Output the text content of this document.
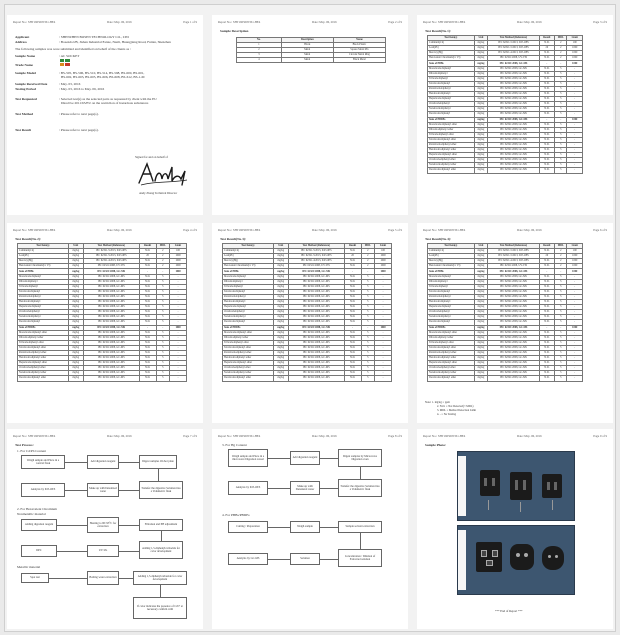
Report No.: SHT16050053S1-HE4	Date: May. 06, 2016	Page 1 of 9
Applicant	: SHENZHEN BOSEN TECHNOLOGY CO., LTD
Address	: Bosenda I/B, Jishan Industrial Estate, Nanli, Huangjiang Road, Futian, Shenzhen
The following samples was were submitted and identified on behalf of the clients as :
Sample Name	: AC SOCKET
Trade Name
Sample Model	: BS-505, BS-506, BS-510, BS-514, BS-598, BS-600, BS-601,
BS-602, BS-603, BS-605, BS-606, BS-608, BS-612, BS-1-M
Sample Received Date	: May. 03, 2016
Testing Period	: May. 03, 2016 to May. 06, 2016
Test Requested	: Selected test(s) as the selected parts as requested by client with the EU
Directive 2011/65/EU on the restriction of hazardous substances
Test Method	: Please refer to next page(s).
Test Result	: Please refer to next page(s).
Signed for and on behalf of
Andy Zhang Technical Director
Report No.: SHT16050053S1-HE4	Date: May. 06, 2016	Page 2 of 9
Sample Description
No.	Description	Name
1	Black	Black Plastic
2	Metal	Square Metal Pin
3	Metal	Circular Metal Ring
4	Metal	Black Metal
Report No.: SHT16050053S1-HE4	Date: May. 06, 2016	Page 3 of 9
Test Result(No.1):
Test Item(s)	Unit	Test Method (Reference)	Result	MDL	Limit
Cadmium(Cd)	mg/kg	IEC 62321-5:2013, ICP-OES	N.D.	2	100
Lead(Pb)	mg/kg	IEC 62321-5:2013, ICP-OES	20	2	1000
Mercury(Hg)	mg/kg	IEC 62321-4:2013, ICP-OES	N.D.	2	1000
Hexavalent Chromium(Cr VI)	mg/kg	IEC 62321:2008, UV-VIS	N.D.	2	1000
Sum of PBBs	mg/kg	IEC 62321:2008, GC-MS	-	-	1000
Monobromobiphenyl	mg/kg	IEC 62321:2008, GC-MS	N.D.	5	-
Dibromobiphenyl	mg/kg	IEC 62321:2008, GC-MS	N.D.	5	-
Tribromobiphenyl	mg/kg	IEC 62321:2008, GC-MS	N.D.	5	-
Tetrabromobiphenyl	mg/kg	IEC 62321:2008, GC-MS	N.D.	5	-
Pentabromobiphenyl	mg/kg	IEC 62321:2008, GC-MS	N.D.	5	-
Hexabromobiphenyl	mg/kg	IEC 62321:2008, GC-MS	N.D.	5	-
Heptabromobiphenyl	mg/kg	IEC 62321:2008, GC-MS	N.D.	5	-
Octabromobiphenyl	mg/kg	IEC 62321:2008, GC-MS	N.D.	5	-
Nonabromobiphenyl	mg/kg	IEC 62321:2008, GC-MS	N.D.	5	-
Decabromobiphenyl	mg/kg	IEC 62321:2008, GC-MS	N.D.	5	-
Sum of PBDEs	mg/kg	IEC 62321:2008, GC-MS	-	-	1000
Monobromodiphenyl ether	mg/kg	IEC 62321:2008, GC-MS	N.D.	5	-
Dibromodiphenyl ether	mg/kg	IEC 62321:2008, GC-MS	N.D.	5	-
Tribromodiphenyl ether	mg/kg	IEC 62321:2008, GC-MS	N.D.	5	-
Tetrabromodiphenyl ether	mg/kg	IEC 62321:2008, GC-MS	N.D.	5	-
Pentabromodiphenyl ether	mg/kg	IEC 62321:2008, GC-MS	N.D.	5	-
Hexabromodiphenyl ether	mg/kg	IEC 62321:2008, GC-MS	N.D.	5	-
Heptabromodiphenyl ether	mg/kg	IEC 62321:2008, GC-MS	N.D.	5	-
Octabromodiphenyl ether	mg/kg	IEC 62321:2008, GC-MS	N.D.	5	-
Nonabromodiphenyl ether	mg/kg	IEC 62321:2008, GC-MS	N.D.	5	-
Decabromodiphenyl ether	mg/kg	IEC 62321:2008, GC-MS	N.D.	5	-
Report No.: SHT16050053S1-HE4	Date: May. 06, 2016	Page 4 of 9
Test Result(No.2):
Test Item(s)	Unit	Test Method (Reference)	Result	MDL	Limit
Cadmium(Cd)	mg/kg	IEC 62321-5:2013, ICP-OES	N.D.	2	100
Lead(Pb)	mg/kg	IEC 62321-5:2013, ICP-OES	20	2	1000
Mercury(Hg)	mg/kg	IEC 62321-4:2013, ICP-OES	N.D.	2	1000
Hexavalent Chromium(Cr VI)	mg/kg	IEC 62321:2008, UV-VIS	N.D.	2	1000
Sum of PBBs	mg/kg	IEC 62321:2008, GC-MS	-	-	1000
Monobromobiphenyl	mg/kg	IEC 62321:2008, GC-MS	N.D.	5	-
Dibromobiphenyl	mg/kg	IEC 62321:2008, GC-MS	N.D.	5	-
Tribromobiphenyl	mg/kg	IEC 62321:2008, GC-MS	N.D.	5	-
Tetrabromobiphenyl	mg/kg	IEC 62321:2008, GC-MS	N.D.	5	-
Pentabromobiphenyl	mg/kg	IEC 62321:2008, GC-MS	N.D.	5	-
Hexabromobiphenyl	mg/kg	IEC 62321:2008, GC-MS	N.D.	5	-
Heptabromobiphenyl	mg/kg	IEC 62321:2008, GC-MS	N.D.	5	-
Octabromobiphenyl	mg/kg	IEC 62321:2008, GC-MS	N.D.	5	-
Nonabromobiphenyl	mg/kg	IEC 62321:2008, GC-MS	N.D.	5	-
Decabromobiphenyl	mg/kg	IEC 62321:2008, GC-MS	N.D.	5	-
Sum of PBDEs	mg/kg	IEC 62321:2008, GC-MS	-	-	1000
Monobromodiphenyl ether	mg/kg	IEC 62321:2008, GC-MS	N.D.	5	-
Dibromodiphenyl ether	mg/kg	IEC 62321:2008, GC-MS	N.D.	5	-
Tribromodiphenyl ether	mg/kg	IEC 62321:2008, GC-MS	N.D.	5	-
Tetrabromodiphenyl ether	mg/kg	IEC 62321:2008, GC-MS	N.D.	5	-
Pentabromodiphenyl ether	mg/kg	IEC 62321:2008, GC-MS	N.D.	5	-
Hexabromodiphenyl ether	mg/kg	IEC 62321:2008, GC-MS	N.D.	5	-
Heptabromodiphenyl ether	mg/kg	IEC 62321:2008, GC-MS	N.D.	5	-
Octabromodiphenyl ether	mg/kg	IEC 62321:2008, GC-MS	N.D.	5	-
Nonabromodiphenyl ether	mg/kg	IEC 62321:2008, GC-MS	N.D.	5	-
Decabromodiphenyl ether	mg/kg	IEC 62321:2008, GC-MS	N.D.	5	-
Report No.: SHT16050053S1-HE4	Date: May. 06, 2016	Page 5 of 9
Test Result(No.3):
Test Item(s)	Unit	Test Method (Reference)	Result	MDL	Limit
Cadmium(Cd)	mg/kg	IEC 62321-5:2013, ICP-OES	N.D.	2	100
Lead(Pb)	mg/kg	IEC 62321-5:2013, ICP-OES	20	2	1000
Mercury(Hg)	mg/kg	IEC 62321-4:2013, ICP-OES	N.D.	2	1000
Hexavalent Chromium(Cr VI)	mg/kg	IEC 62321:2008, UV-VIS	N.D.	2	1000
Sum of PBBs	mg/kg	IEC 62321:2008, GC-MS	-	-	1000
Monobromobiphenyl	mg/kg	IEC 62321:2008, GC-MS	N.D.	5	-
Dibromobiphenyl	mg/kg	IEC 62321:2008, GC-MS	N.D.	5	-
Tribromobiphenyl	mg/kg	IEC 62321:2008, GC-MS	N.D.	5	-
Tetrabromobiphenyl	mg/kg	IEC 62321:2008, GC-MS	N.D.	5	-
Pentabromobiphenyl	mg/kg	IEC 62321:2008, GC-MS	N.D.	5	-
Hexabromobiphenyl	mg/kg	IEC 62321:2008, GC-MS	N.D.	5	-
Heptabromobiphenyl	mg/kg	IEC 62321:2008, GC-MS	N.D.	5	-
Octabromobiphenyl	mg/kg	IEC 62321:2008, GC-MS	N.D.	5	-
Nonabromobiphenyl	mg/kg	IEC 62321:2008, GC-MS	N.D.	5	-
Decabromobiphenyl	mg/kg	IEC 62321:2008, GC-MS	N.D.	5	-
Sum of PBDEs	mg/kg	IEC 62321:2008, GC-MS	-	-	1000
Monobromodiphenyl ether	mg/kg	IEC 62321:2008, GC-MS	N.D.	5	-
Dibromodiphenyl ether	mg/kg	IEC 62321:2008, GC-MS	N.D.	5	-
Tribromodiphenyl ether	mg/kg	IEC 62321:2008, GC-MS	N.D.	5	-
Tetrabromodiphenyl ether	mg/kg	IEC 62321:2008, GC-MS	N.D.	5	-
Pentabromodiphenyl ether	mg/kg	IEC 62321:2008, GC-MS	N.D.	5	-
Hexabromodiphenyl ether	mg/kg	IEC 62321:2008, GC-MS	N.D.	5	-
Heptabromodiphenyl ether	mg/kg	IEC 62321:2008, GC-MS	N.D.	5	-
Octabromodiphenyl ether	mg/kg	IEC 62321:2008, GC-MS	N.D.	5	-
Nonabromodiphenyl ether	mg/kg	IEC 62321:2008, GC-MS	N.D.	5	-
Decabromodiphenyl ether	mg/kg	IEC 62321:2008, GC-MS	N.D.	5	-
Report No.: SHT16050053S1-HE4	Date: May. 06, 2016	Page 6 of 9
Test Result(No.4):
Test Item(s)	Unit	Test Method (Reference)	Result	MDL	Limit
Cadmium(Cd)	mg/kg	IEC 62321-5:2013, ICP-OES	N.D.	2	100
Lead(Pb)	mg/kg	IEC 62321-5:2013, ICP-OES	20	2	1000
Mercury(Hg)	mg/kg	IEC 62321-4:2013, ICP-OES	N.D.	2	1000
Hexavalent Chromium(Cr VI)	mg/kg	IEC 62321:2008, UV-VIS	N.D.	2	1000
Sum of PBBs	mg/kg	IEC 62321:2008, GC-MS	-	-	1000
Monobromobiphenyl	mg/kg	IEC 62321:2008, GC-MS	N.D.	5	-
Dibromobiphenyl	mg/kg	IEC 62321:2008, GC-MS	N.D.	5	-
Tribromobiphenyl	mg/kg	IEC 62321:2008, GC-MS	N.D.	5	-
Tetrabromobiphenyl	mg/kg	IEC 62321:2008, GC-MS	N.D.	5	-
Pentabromobiphenyl	mg/kg	IEC 62321:2008, GC-MS	N.D.	5	-
Hexabromobiphenyl	mg/kg	IEC 62321:2008, GC-MS	N.D.	5	-
Heptabromobiphenyl	mg/kg	IEC 62321:2008, GC-MS	N.D.	5	-
Octabromobiphenyl	mg/kg	IEC 62321:2008, GC-MS	N.D.	5	-
Nonabromobiphenyl	mg/kg	IEC 62321:2008, GC-MS	N.D.	5	-
Decabromobiphenyl	mg/kg	IEC 62321:2008, GC-MS	N.D.	5	-
Sum of PBDEs	mg/kg	IEC 62321:2008, GC-MS	-	-	1000
Monobromodiphenyl ether	mg/kg	IEC 62321:2008, GC-MS	N.D.	5	-
Dibromodiphenyl ether	mg/kg	IEC 62321:2008, GC-MS	N.D.	5	-
Tribromodiphenyl ether	mg/kg	IEC 62321:2008, GC-MS	N.D.	5	-
Tetrabromodiphenyl ether	mg/kg	IEC 62321:2008, GC-MS	N.D.	5	-
Pentabromodiphenyl ether	mg/kg	IEC 62321:2008, GC-MS	N.D.	5	-
Hexabromodiphenyl ether	mg/kg	IEC 62321:2008, GC-MS	N.D.	5	-
Heptabromodiphenyl ether	mg/kg	IEC 62321:2008, GC-MS	N.D.	5	-
Octabromodiphenyl ether	mg/kg	IEC 62321:2008, GC-MS	N.D.	5	-
Nonabromodiphenyl ether	mg/kg	IEC 62321:2008, GC-MS	N.D.	5	-
Decabromodiphenyl ether	mg/kg	IEC 62321:2008, GC-MS	N.D.	5	-
Note: 1. mg/kg = ppm
2. N.D. = Not Detected(< MDL)
3. MDL = Method Detection Limit
4. - = No Testing
Report No.: SHT16050053S1-HE4	Date: May. 06, 2016	Page 7 of 9
Test Process:
1. For Cd/Pb Content
Weigh sample and Place in a conical flask
Add digestion reagent	Digest samples On hot plate
Analysis by ICP-OES
Make up with Deionized water
Transfer the digestive Solution into a Volumetric flask
2. For Hexavalent Chromium
Nonmetallic material
Adding digestion reagent
Heating to 90~95°C for extraction
Filtration and PH adjustment
DPC	UV-Vis
Adding 1,5-diphenylcarbazide for color development
Metallic material
Spot test	Boiling water extraction
Adding 1,5-diphenylcarbazide for color development
If color indicates the presence of Cr6+ at necessary confirm with
Report No.: SHT16050053S1-HE4	Date: May. 06, 2016	Page 8 of 9
3. For Hg Content
Weigh sample and Place in a microwave Digestion vessel
Add digestion reagent
Digest samples by Microwave Digestion oven
Analysis by ICP-OES
Make up with Deionized water
Transfer the digestive Solution into a Volumetric flask
4. For PBBs/PBDEs
Cutting / Preparation	Weigh sample	Sample solvent extraction
Analysis by GC-MS	Solution
Concentration / Dilution of Extracted solution
Report No.: SHT16050053S1-HE4	Date: May. 06, 2016	Page 9 of 9
Sample Photo:
*** End of Report ***
